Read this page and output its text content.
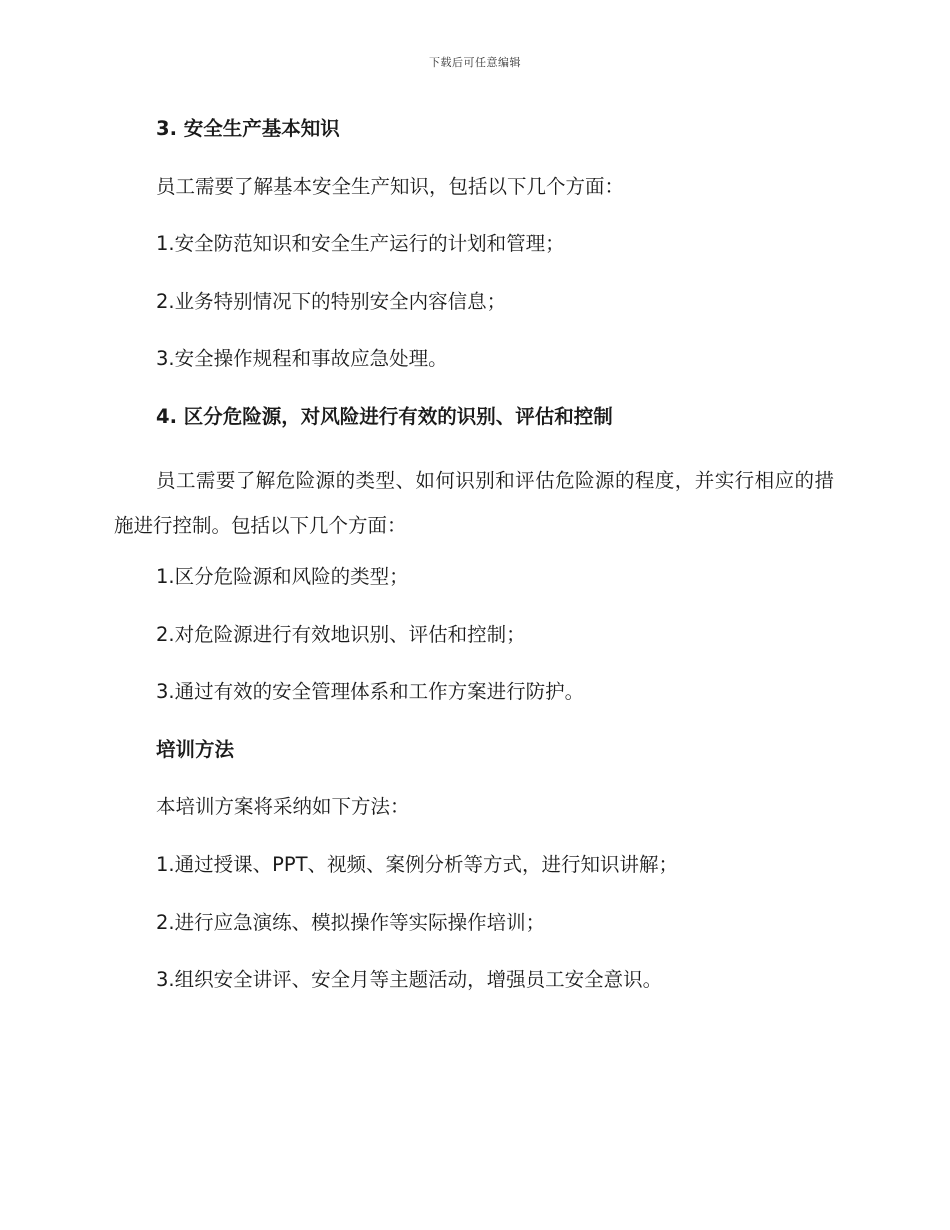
下载后可任意编辑
3. 安全生产基本知识
员工需要了解基本安全生产知识，包括以下几个方面：
1.安全防范知识和安全生产运行的计划和管理；
2.业务特别情况下的特别安全内容信息；
3.安全操作规程和事故应急处理。
4. 区分危险源，对风险进行有效的识别、评估和控制
员工需要了解危险源的类型、如何识别和评估危险源的程度，并实行相应的措施进行控制。包括以下几个方面：
1.区分危险源和风险的类型；
2.对危险源进行有效地识别、评估和控制；
3.通过有效的安全管理体系和工作方案进行防护。
培训方法
本培训方案将采纳如下方法：
1.通过授课、PPT、视频、案例分析等方式，进行知识讲解；
2.进行应急演练、模拟操作等实际操作培训；
3.组织安全讲评、安全月等主题活动，增强员工安全意识。
